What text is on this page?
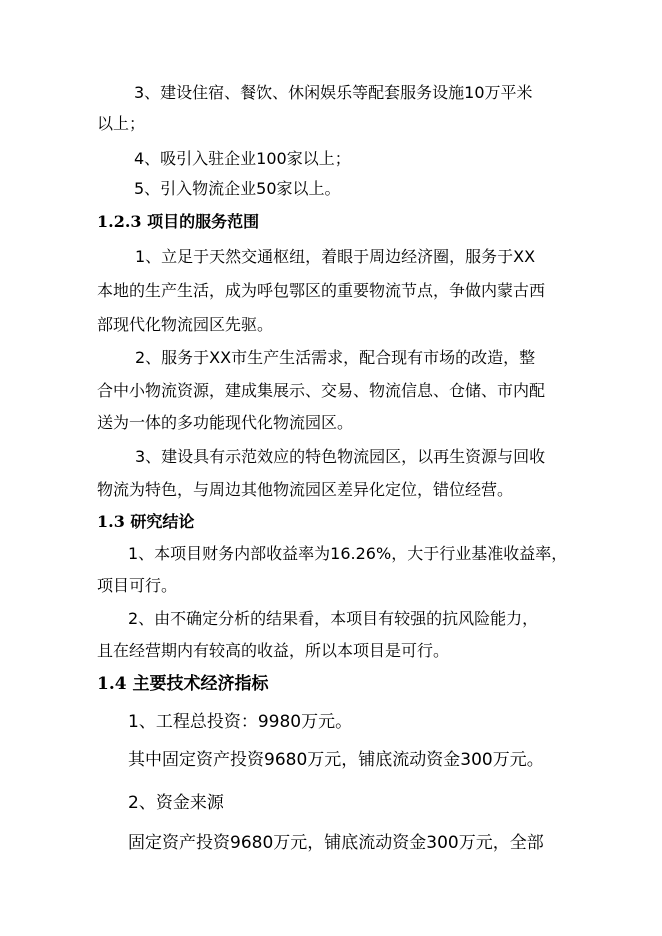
3、建设住宿、餐饮、休闲娱乐等配套服务设施10万平米
以上；
4、吸引入驻企业100家以上；
5、引入物流企业50家以上。
1.2.3 项目的服务范围
1、立足于天然交通枢纽，着眼于周边经济圈，服务于XX
本地的生产生活，成为呼包鄂区的重要物流节点，争做内蒙古西
部现代化物流园区先驱。
2、服务于XX市生产生活需求，配合现有市场的改造，整
合中小物流资源，建成集展示、交易、物流信息、仓储、市内配
送为一体的多功能现代化物流园区。
3、建设具有示范效应的特色物流园区，以再生资源与回收
物流为特色，与周边其他物流园区差异化定位，错位经营。
1.3 研究结论
1、本项目财务内部收益率为16.26%，大于行业基准收益率，
项目可行。
2、由不确定分析的结果看，本项目有较强的抗风险能力，
且在经营期内有较高的收益，所以本项目是可行。
1.4 主要技术经济指标
1、工程总投资：9980万元。
其中固定资产投资9680万元，铺底流动资金300万元。
2、资金来源
固定资产投资9680万元，铺底流动资金300万元，全部
